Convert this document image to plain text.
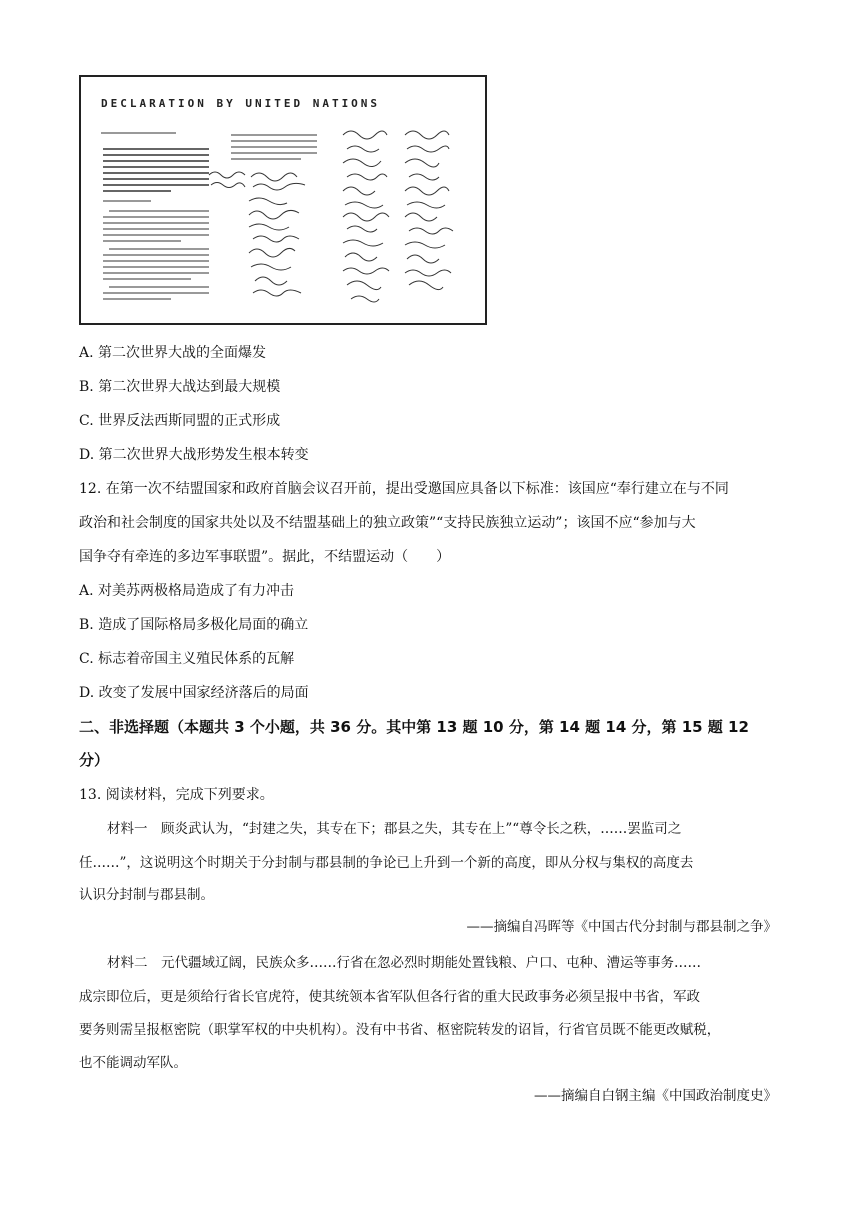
DECLARATION BY UNITED NATIONS
A. 第二次世界大战的全面爆发
B. 第二次世界大战达到最大规模
C. 世界反法西斯同盟的正式形成
D. 第二次世界大战形势发生根本转变
12. 在第一次不结盟国家和政府首脑会议召开前，提出受邀国应具备以下标准：该国应“奉行建立在与不同
政治和社会制度的国家共处以及不结盟基础上的独立政策”“支持民族独立运动”；该国不应“参加与大
国争夺有牵连的多边军事联盟”。据此，不结盟运动（　　）
A. 对美苏两极格局造成了有力冲击
B. 造成了国际格局多极化局面的确立
C. 标志着帝国主义殖民体系的瓦解
D. 改变了发展中国家经济落后的局面
二、非选择题（本题共 3 个小题，共 36 分。其中第 13 题 10 分，第 14 题 14 分，第 15 题 12
分）
13. 阅读材料，完成下列要求。
材料一　顾炎武认为，“封建之失，其专在下；郡县之失，其专在上”“尊令长之秩，……罢监司之
任……”，这说明这个时期关于分封制与郡县制的争论已上升到一个新的高度，即从分权与集权的高度去
认识分封制与郡县制。
——摘编自冯晖等《中国古代分封制与郡县制之争》
材料二　元代疆域辽阔，民族众多……行省在忽必烈时期能处置钱粮、户口、屯种、漕运等事务……
成宗即位后，更是须给行省长官虎符，使其统领本省军队但各行省的重大民政事务必须呈报中书省，军政
要务则需呈报枢密院（职掌军权的中央机构）。没有中书省、枢密院转发的诏旨，行省官员既不能更改赋税，
也不能调动军队。
——摘编自白钢主编《中国政治制度史》
